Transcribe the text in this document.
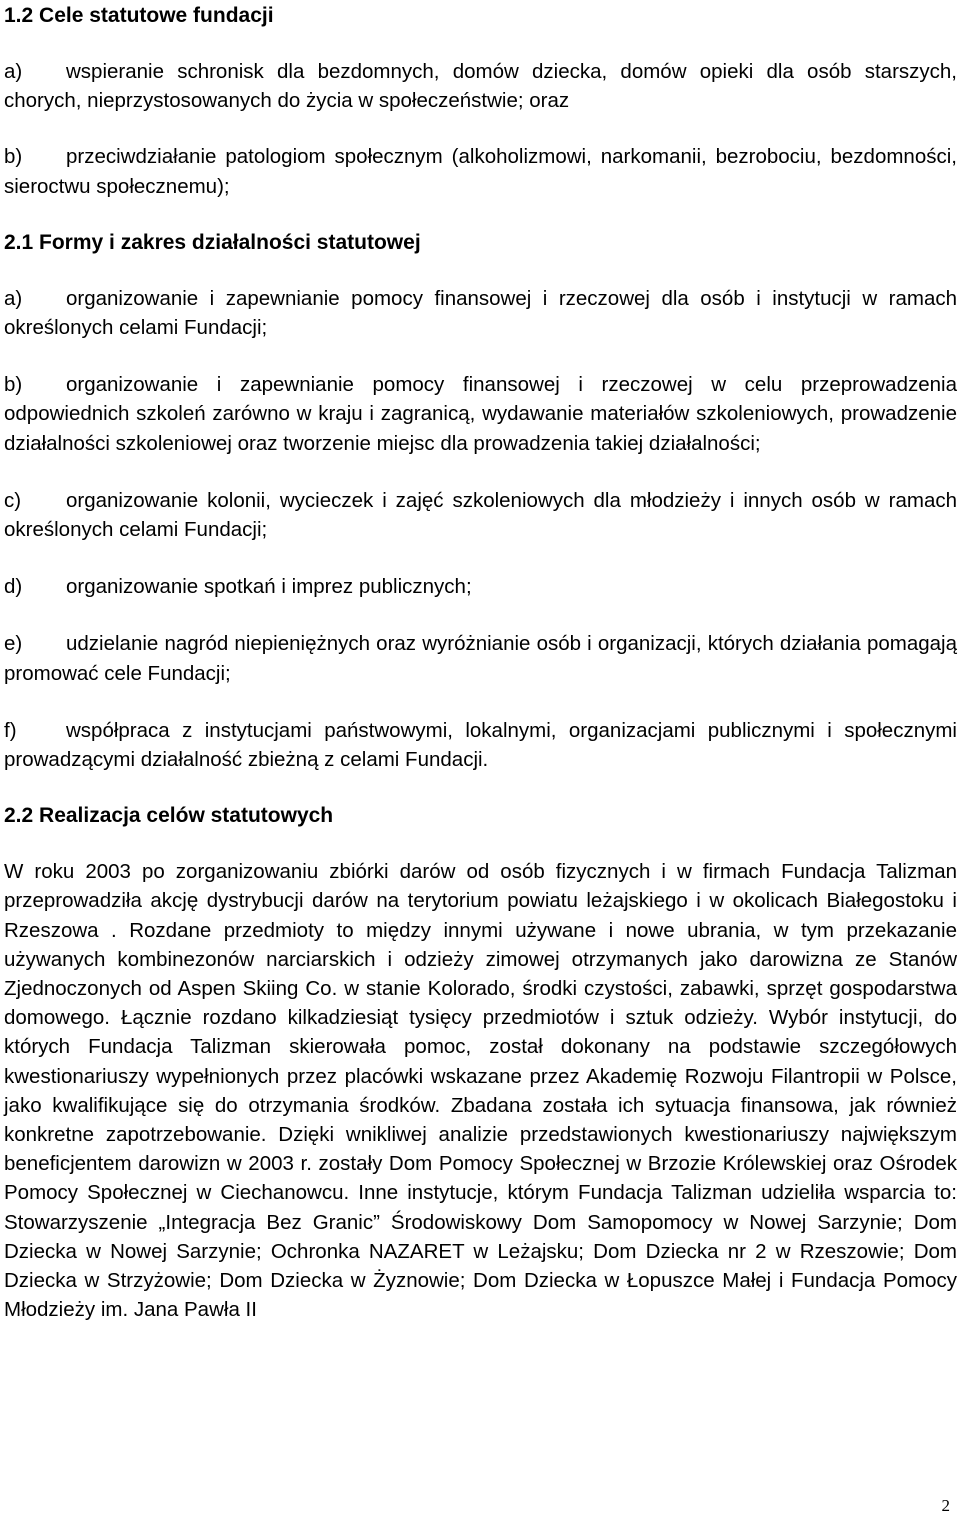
1.2 Cele statutowe fundacji

a) wspieranie schronisk dla bezdomnych, domów dziecka, domów opieki dla osób starszych, chorych, nieprzystosowanych do życia w społeczeństwie; oraz

b) przeciwdziałanie patologiom społecznym (alkoholizmowi, narkomanii, bezrobociu, bezdomności, sieroctwu społecznemu);

2.1 Formy i zakres działalności statutowej

a) organizowanie i zapewnianie pomocy finansowej i rzeczowej dla osób i instytucji w ramach określonych celami Fundacji;

b) organizowanie i zapewnianie pomocy finansowej i rzeczowej w celu przeprowadzenia odpowiednich szkoleń zarówno w kraju i zagranicą, wydawanie materiałów szkoleniowych, prowadzenie działalności szkoleniowej oraz tworzenie miejsc dla prowadzenia takiej działalności;

c) organizowanie kolonii, wycieczek i zajęć szkoleniowych dla młodzieży i innych osób w ramach określonych celami Fundacji;

d) organizowanie spotkań i imprez publicznych;

e) udzielanie nagród niepieniężnych oraz wyróżnianie osób i organizacji, których działania pomagają promować cele Fundacji;

f) współpraca z instytucjami państwowymi, lokalnymi, organizacjami publicznymi i społecznymi prowadzącymi działalność zbieżną z celami Fundacji.

2.2 Realizacja celów statutowych

W roku 2003 po zorganizowaniu zbiórki darów od osób fizycznych i w firmach Fundacja Talizman przeprowadziła akcję dystrybucji darów na terytorium powiatu leżajskiego i w okolicach Białegostoku i Rzeszowa . Rozdane przedmioty to między innymi używane i nowe ubrania, w tym przekazanie używanych kombinezonów narciarskich i odzieży zimowej otrzymanych jako darowizna ze Stanów Zjednoczonych od Aspen Skiing Co. w stanie Kolorado, środki czystości, zabawki, sprzęt gospodarstwa domowego. Łącznie rozdano kilkadziesiąt tysięcy przedmiotów i sztuk odzieży. Wybór instytucji, do których Fundacja Talizman skierowała pomoc, został dokonany na podstawie szczegółowych kwestionariuszy wypełnionych przez placówki wskazane przez Akademię Rozwoju Filantropii w Polsce, jako kwalifikujące się do otrzymania środków. Zbadana została ich sytuacja finansowa, jak również konkretne zapotrzebowanie. Dzięki wnikliwej analizie przedstawionych kwestionariuszy największym beneficjentem darowizn w 2003 r. zostały Dom Pomocy Społecznej w Brzozie Królewskiej oraz Ośrodek Pomocy Społecznej w Ciechanowcu. Inne instytucje, którym Fundacja Talizman udzieliła wsparcia to: Stowarzyszenie „Integracja Bez Granic” Środowiskowy Dom Samopomocy w Nowej Sarzynie; Dom Dziecka w Nowej Sarzynie; Ochronka NAZARET w Leżajsku; Dom Dziecka nr 2 w Rzeszowie; Dom Dziecka w Strzyżowie; Dom Dziecka w Żyznowie; Dom Dziecka w Łopuszce Małej i Fundacja Pomocy Młodzieży im. Jana Pawła II

2
